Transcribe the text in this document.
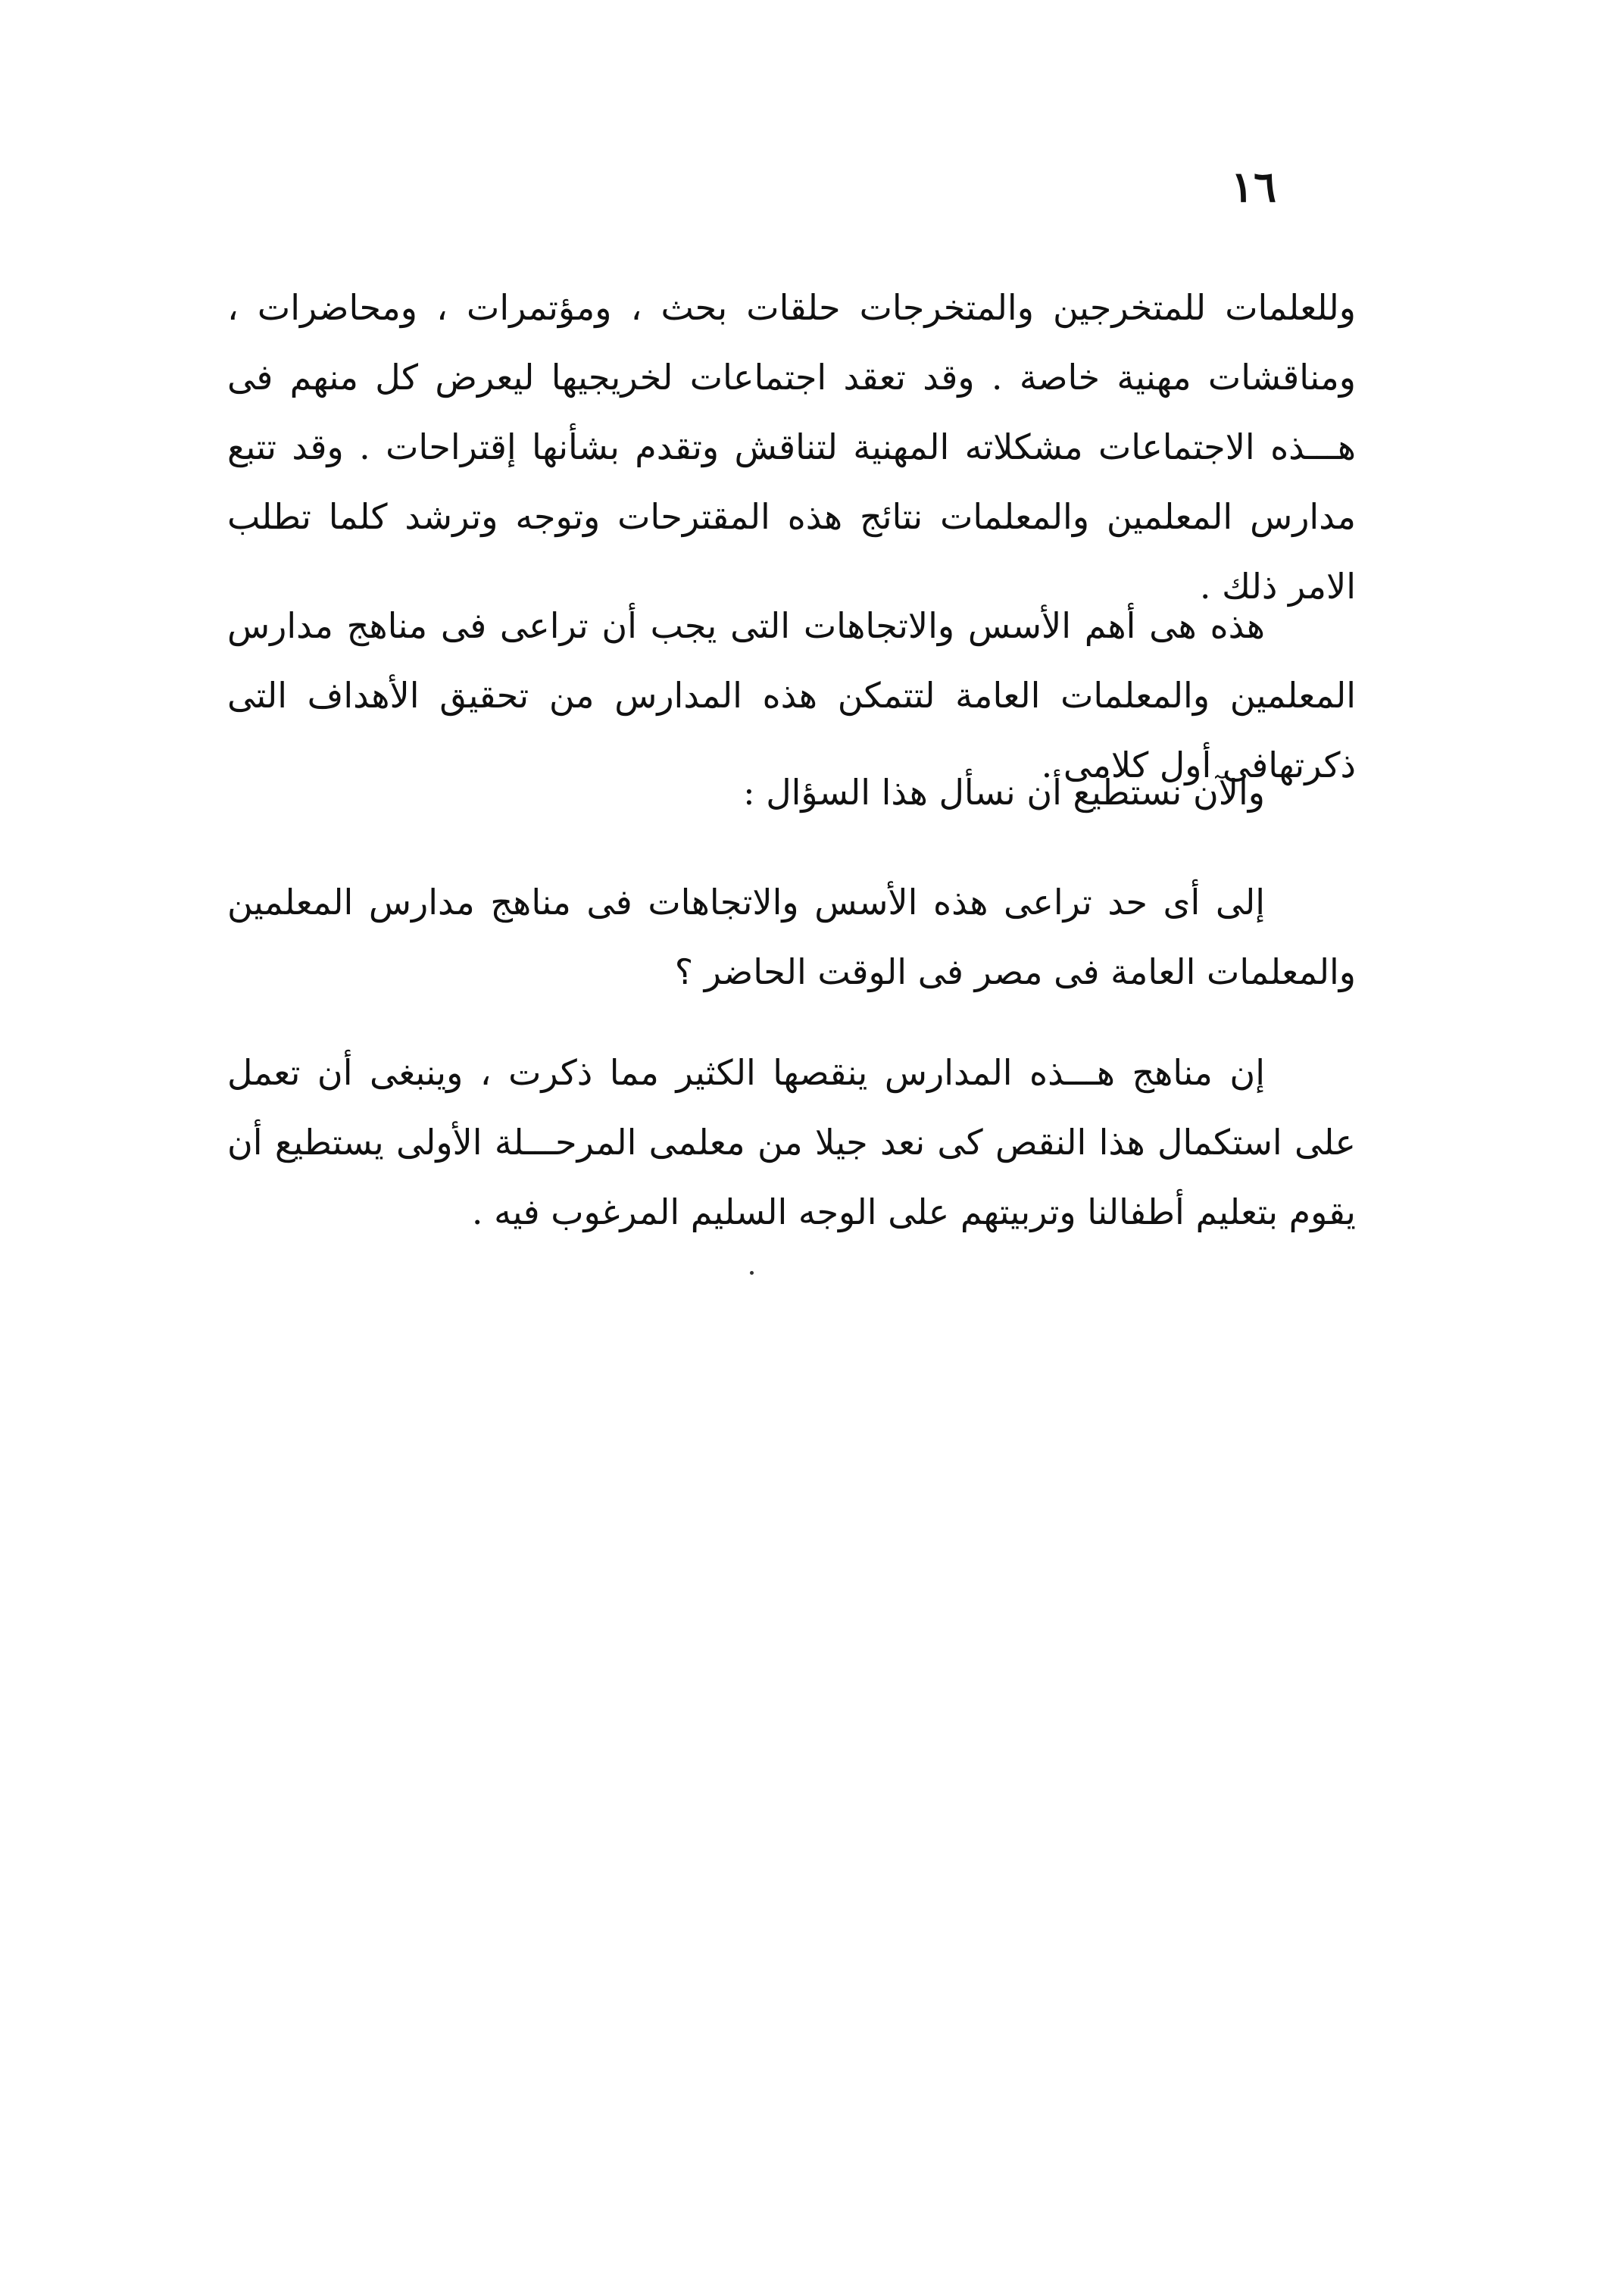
١٦

وللعلمات للمتخرجين والمتخرجات حلقات بحث ، ومؤتمرات ، ومحاضرات ، ومناقشات مهنية خاصة . وقد تعقد اجتماعات لخريجيها ليعرض كل منهم فى هـــذه الاجتماعات مشكلاته المهنية لتناقش وتقدم بشأنها إقتراحات . وقد تتبع مدارس المعلمين والمعلمات نتائج هذه المقترحات وتوجه وترشد كلما تطلب الامر ذلك .

هذه هى أهم الأسس والاتجاهات التى يجب أن تراعى فى مناهج مدارس المعلمين والمعلمات العامة لتتمكن هذه المدارس من تحقيق الأهداف التى ذكرتهافى أول كلامى .

والآن نستطيع أن نسأل هذا السؤال :

إلى أى حد تراعى هذه الأسس والاتجاهات فى مناهج مدارس المعلمين والمعلمات العامة فى مصر فى الوقت الحاضر ؟

إن مناهج هـــذه المدارس ينقصها الكثير مما ذكرت ، وينبغى أن تعمل على استكمال هذا النقص كى نعد جيلا من معلمى المرحـــلة الأولى يستطيع أن يقوم بتعليم أطفالنا وتربيتهم على الوجه السليم المرغوب فيه .
